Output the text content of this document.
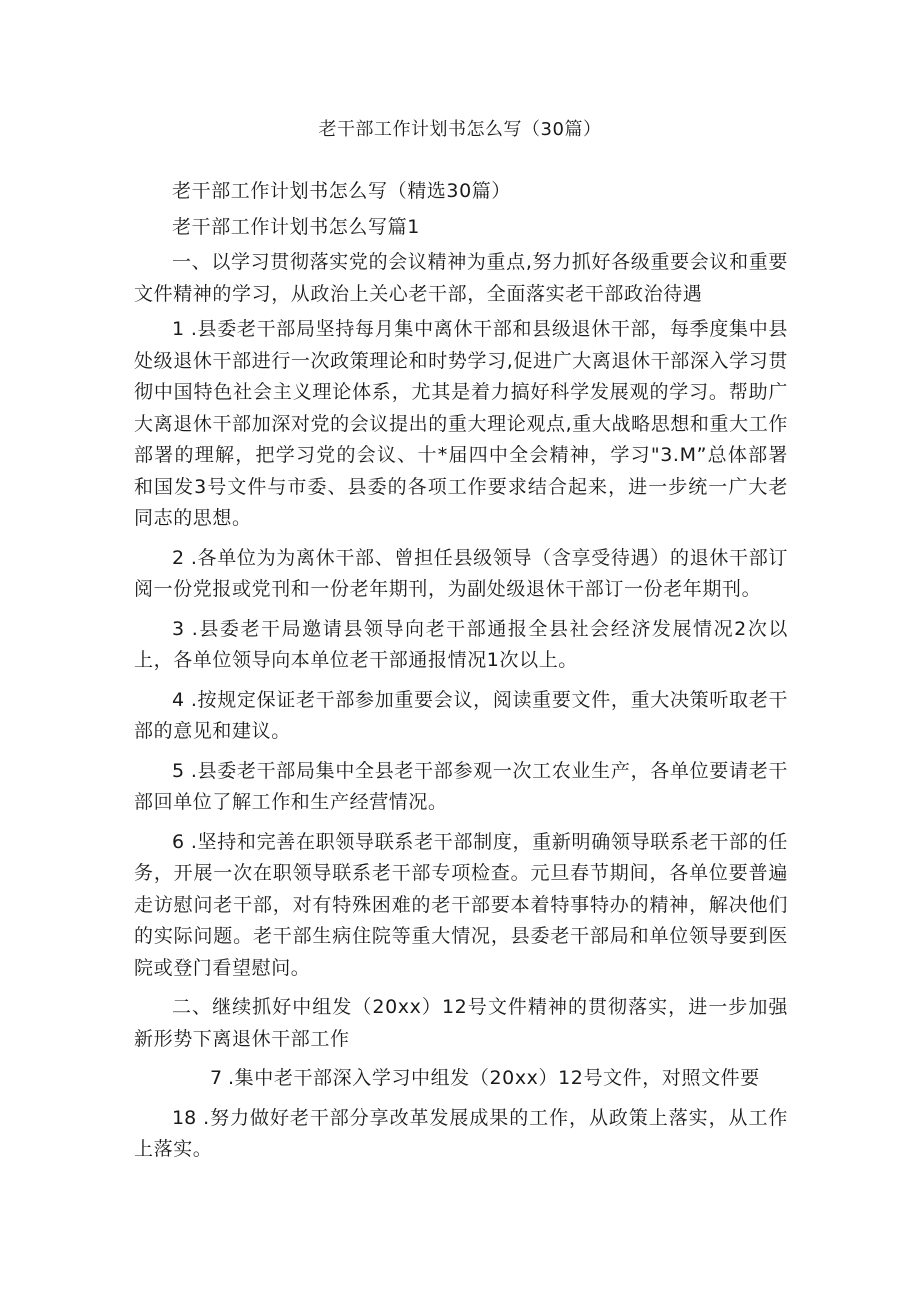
老干部工作计划书怎么写（30篇）

老干部工作计划书怎么写（精选30篇）

老干部工作计划书怎么写篇1

一、以学习贯彻落实党的会议精神为重点,努力抓好各级重要会议和重要文件精神的学习，从政治上关心老干部，全面落实老干部政治待遇

1 .县委老干部局坚持每月集中离休干部和县级退休干部，每季度集中县处级退休干部进行一次政策理论和时势学习,促进广大离退休干部深入学习贯彻中国特色社会主义理论体系，尤其是着力搞好科学发展观的学习。帮助广大离退休干部加深对党的会议提出的重大理论观点,重大战略思想和重大工作部署的理解，把学习党的会议、十*届四中全会精神，学习"3.M”总体部署和国发3号文件与市委、县委的各项工作要求结合起来，进一步统一广大老同志的思想。

2 .各单位为为离休干部、曾担任县级领导（含享受待遇）的退休干部订阅一份党报或党刊和一份老年期刊，为副处级退休干部订一份老年期刊。

3 .县委老干局邀请县领导向老干部通报全县社会经济发展情况2次以上，各单位领导向本单位老干部通报情况1次以上。

4 .按规定保证老干部参加重要会议，阅读重要文件，重大决策听取老干部的意见和建议。

5 .县委老干部局集中全县老干部参观一次工农业生产，各单位要请老干部回单位了解工作和生产经营情况。

6 .坚持和完善在职领导联系老干部制度，重新明确领导联系老干部的任务，开展一次在职领导联系老干部专项检查。元旦春节期间，各单位要普遍走访慰问老干部，对有特殊困难的老干部要本着特事特办的精神，解决他们的实际问题。老干部生病住院等重大情况，县委老干部局和单位领导要到医院或登门看望慰问。

二、继续抓好中组发（20xx）12号文件精神的贯彻落实，进一步加强新形势下离退休干部工作

7 .集中老干部深入学习中组发（20xx）12号文件，对照文件要

18 .努力做好老干部分享改革发展成果的工作，从政策上落实，从工作上落实。
